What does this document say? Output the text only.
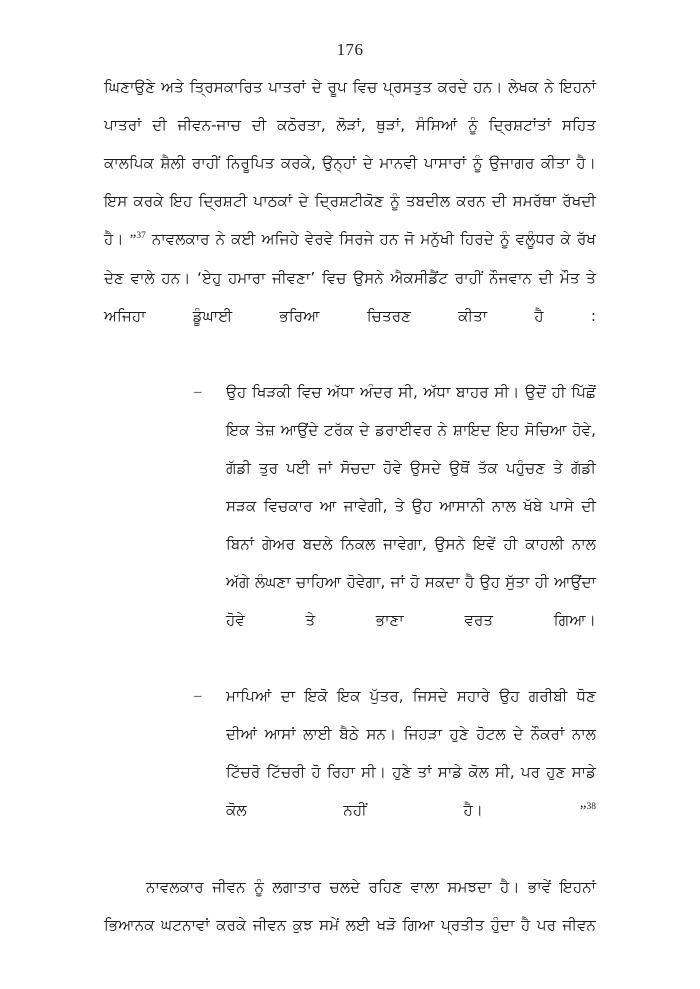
176

ਘਿਣਾਉਣੇ ਅਤੇ ਤ੍ਰਿਸਕਾਰਿਤ ਪਾਤਰਾਂ ਦੇ ਰੂਪ ਵਿਚ ਪ੍ਰਸਤੁਤ ਕਰਦੇ ਹਨ। ਲੇਖਕ ਨੇ ਇਹਨਾਂ ਪਾਤਰਾਂ ਦੀ ਜੀਵਨ-ਜਾਚ ਦੀ ਕਠੋਰਤਾ, ਲੋੜਾਂ, ਥੁੜਾਂ, ਸੰਸਿਆਂ ਨੂੰ ਦ੍ਰਿਸ਼ਟਾਂਤਾਂ ਸਹਿਤ ਕਾਲਪਿਕ ਸ਼ੈਲੀ ਰਾਹੀਂ ਨਿਰੂਪਿਤ ਕਰਕੇ, ਉਨ੍ਹਾਂ ਦੇ ਮਾਨਵੀ ਪਾਸਾਰਾਂ ਨੂੰ ਉਜਾਗਰ ਕੀਤਾ ਹੈ। ਇਸ ਕਰਕੇ ਇਹ ਦ੍ਰਿਸ਼ਟੀ ਪਾਠਕਾਂ ਦੇ ਦ੍ਰਿਸ਼ਟੀਕੋਣ ਨੂੰ ਤਬਦੀਲ ਕਰਨ ਦੀ ਸਮਰੱਥਾ ਰੱਖਦੀ ਹੈ। ”$^{37}$ ਨਾਵਲਕਾਰ ਨੇ ਕਈ ਅਜਿਹੇ ਵੇਰਵੇ ਸਿਰਜੇ ਹਨ ਜੋ ਮਨੁੱਖੀ ਹਿਰਦੇ ਨੂੰ ਵਲੂੰਧਰ ਕੇ ਰੱਖ ਦੇਣ ਵਾਲੇ ਹਨ। ‘ਏਹੁ ਹਮਾਰਾ ਜੀਵਣਾ’ ਵਿਚ ਉਸਨੇ ਐਕਸੀਡੈਂਟ ਰਾਹੀਂ ਨੌਜਵਾਨ ਦੀ ਮੌਤ ਤੇ ਅਜਿਹਾ ਡੂੰਘਾਈ ਭਰਿਆ ਚਿਤਰਣ ਕੀਤਾ ਹੈ :

–	ਉਹ ਖਿੜਕੀ ਵਿਚ ਅੱਧਾ ਅੰਦਰ ਸੀ, ਅੱਧਾ ਬਾਹਰ ਸੀ। ਉਦੋਂ ਹੀ ਪਿੱਛੋਂ ਇਕ ਤੇਜ਼ ਆਉਂਦੇ ਟਰੱਕ ਦੇ ਡਰਾਈਵਰ ਨੇ ਸ਼ਾਇਦ ਇਹ ਸੋਚਿਆ ਹੋਵੇ, ਗੱਡੀ ਤੁਰ ਪਈ ਜਾਂ ਸੋਚਦਾ ਹੋਵੇ ਉਸਦੇ ਉਥੋਂ ਤੱਕ ਪਹੁੰਚਣ ਤੇ ਗੱਡੀ ਸੜਕ ਵਿਚਕਾਰ ਆ ਜਾਵੇਗੀ, ਤੇ ਉਹ ਆਸਾਨੀ ਨਾਲ ਖੱਬੇ ਪਾਸੇ ਦੀ ਬਿਨਾਂ ਗੇਅਰ ਬਦਲੇ ਨਿਕਲ ਜਾਵੇਗਾ, ਉਸਨੇ ਇਵੇਂ ਹੀ ਕਾਹਲੀ ਨਾਲ ਅੱਗੇ ਲੰਘਣਾ ਚਾਹਿਆ ਹੋਵੇਗਾ, ਜਾਂ ਹੋ ਸਕਦਾ ਹੈ ਉਹ ਸੁੱਤਾ ਹੀ ਆਉਂਦਾ ਹੋਵੇ ਤੇ ਭਾਣਾ ਵਰਤ ਗਿਆ।
–	ਮਾਪਿਆਂ ਦਾ ਇਕੋ ਇਕ ਪੁੱਤਰ, ਜਿਸਦੇ ਸਹਾਰੇ ਉਹ ਗਰੀਬੀ ਧੋਣ ਦੀਆਂ ਆਸਾਂ ਲਾਈ ਬੈਠੇ ਸਨ। ਜਿਹੜਾ ਹੁਣੇ ਹੋਟਲ ਦੇ ਨੌਕਰਾਂ ਨਾਲ ਟਿੱਚਰੋ ਟਿੱਚਰੀ ਹੋ ਰਿਹਾ ਸੀ। ਹੁਣੇ ਤਾਂ ਸਾਡੇ ਕੋਲ ਸੀ, ਪਰ ਹੁਣ ਸਾਡੇ ਕੋਲ ਨਹੀਂ ਹੈ। ”$^{38}$

ਨਾਵਲਕਾਰ ਜੀਵਨ ਨੂੰ ਲਗਾਤਾਰ ਚਲਦੇ ਰਹਿਣ ਵਾਲਾ ਸਮਝਦਾ ਹੈ। ਭਾਵੇਂ ਇਹਨਾਂ ਭਿਆਨਕ ਘਟਨਾਵਾਂ ਕਰਕੇ ਜੀਵਨ ਕੁਝ ਸਮੇਂ ਲਈ ਖੜੋ ਗਿਆ ਪ੍ਰਤੀਤ ਹੁੰਦਾ ਹੈ ਪਰ ਜੀਵਨ
